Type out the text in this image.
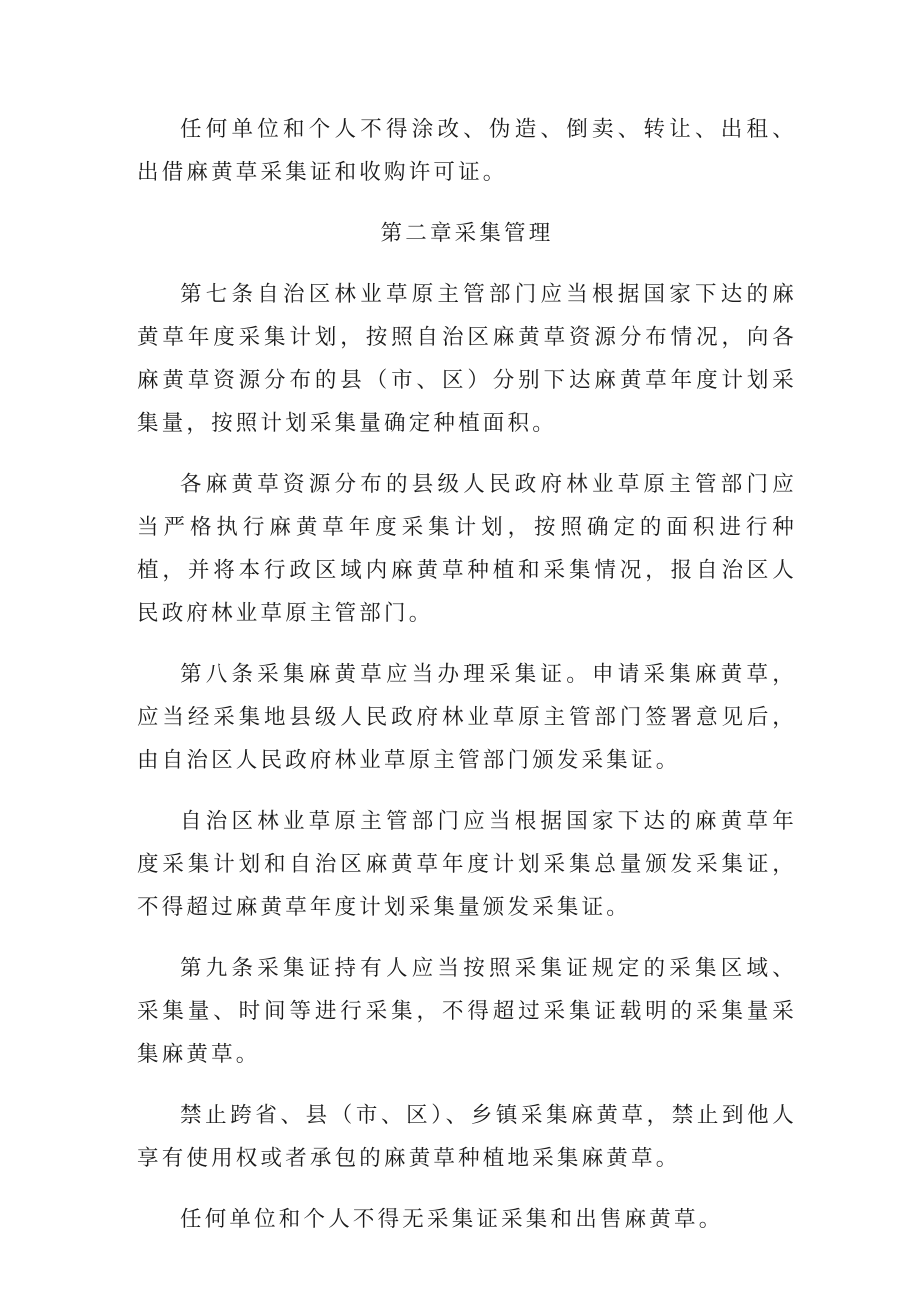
任何单位和个人不得涂改、伪造、倒卖、转让、出租、出借麻黄草采集证和收购许可证。

第二章采集管理

第七条自治区林业草原主管部门应当根据国家下达的麻黄草年度采集计划，按照自治区麻黄草资源分布情况，向各麻黄草资源分布的县（市、区）分别下达麻黄草年度计划采集量，按照计划采集量确定种植面积。

各麻黄草资源分布的县级人民政府林业草原主管部门应当严格执行麻黄草年度采集计划，按照确定的面积进行种植，并将本行政区域内麻黄草种植和采集情况，报自治区人民政府林业草原主管部门。

第八条采集麻黄草应当办理采集证。申请采集麻黄草，应当经采集地县级人民政府林业草原主管部门签署意见后，由自治区人民政府林业草原主管部门颁发采集证。

自治区林业草原主管部门应当根据国家下达的麻黄草年度采集计划和自治区麻黄草年度计划采集总量颁发采集证，不得超过麻黄草年度计划采集量颁发采集证。

第九条采集证持有人应当按照采集证规定的采集区域、采集量、时间等进行采集，不得超过采集证载明的采集量采集麻黄草。

禁止跨省、县（市、区）、乡镇采集麻黄草，禁止到他人享有使用权或者承包的麻黄草种植地采集麻黄草。

任何单位和个人不得无采集证采集和出售麻黄草。
